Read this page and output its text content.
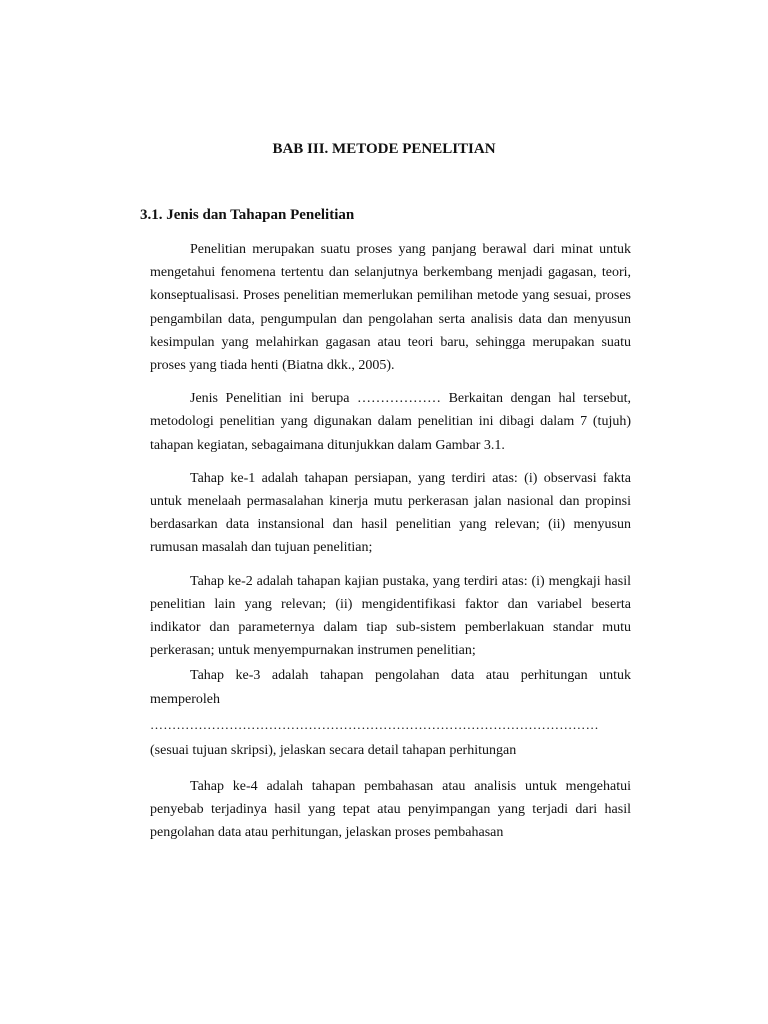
BAB III. METODE PENELITIAN
3.1. Jenis dan Tahapan Penelitian

Penelitian merupakan suatu proses yang panjang berawal dari minat untuk mengetahui fenomena tertentu dan selanjutnya berkembang menjadi gagasan, teori, konseptualisasi. Proses penelitian memerlukan pemilihan metode yang sesuai, proses pengambilan data, pengumpulan dan pengolahan serta analisis data dan menyusun kesimpulan yang melahirkan gagasan atau teori baru, sehingga merupakan suatu proses yang tiada henti (Biatna dkk., 2005).

Jenis Penelitian ini berupa ……………… Berkaitan dengan hal tersebut, metodologi penelitian yang digunakan dalam penelitian ini dibagi dalam 7 (tujuh) tahapan kegiatan, sebagaimana ditunjukkan dalam Gambar 3.1.

Tahap ke-1 adalah tahapan persiapan, yang terdiri atas: (i) observasi fakta untuk menelaah permasalahan kinerja mutu perkerasan jalan nasional dan propinsi berdasarkan data instansional dan hasil penelitian yang relevan; (ii) menyusun rumusan masalah dan tujuan penelitian;

Tahap ke-2 adalah tahapan kajian pustaka, yang terdiri atas: (i) mengkaji hasil penelitian lain yang relevan; (ii) mengidentifikasi faktor dan variabel beserta indikator dan parameternya dalam tiap sub-sistem pemberlakuan standar mutu perkerasan; untuk menyempurnakan instrumen penelitian;

Tahap ke-3 adalah tahapan pengolahan data atau perhitungan untuk memperoleh

…………………………………………………………………………………………
(sesuai tujuan skripsi), jelaskan secara detail tahapan perhitungan

Tahap ke-4 adalah tahapan pembahasan atau analisis untuk mengehatui penyebab terjadinya hasil yang tepat atau penyimpangan yang terjadi dari hasil pengolahan data atau perhitungan, jelaskan proses pembahasan
